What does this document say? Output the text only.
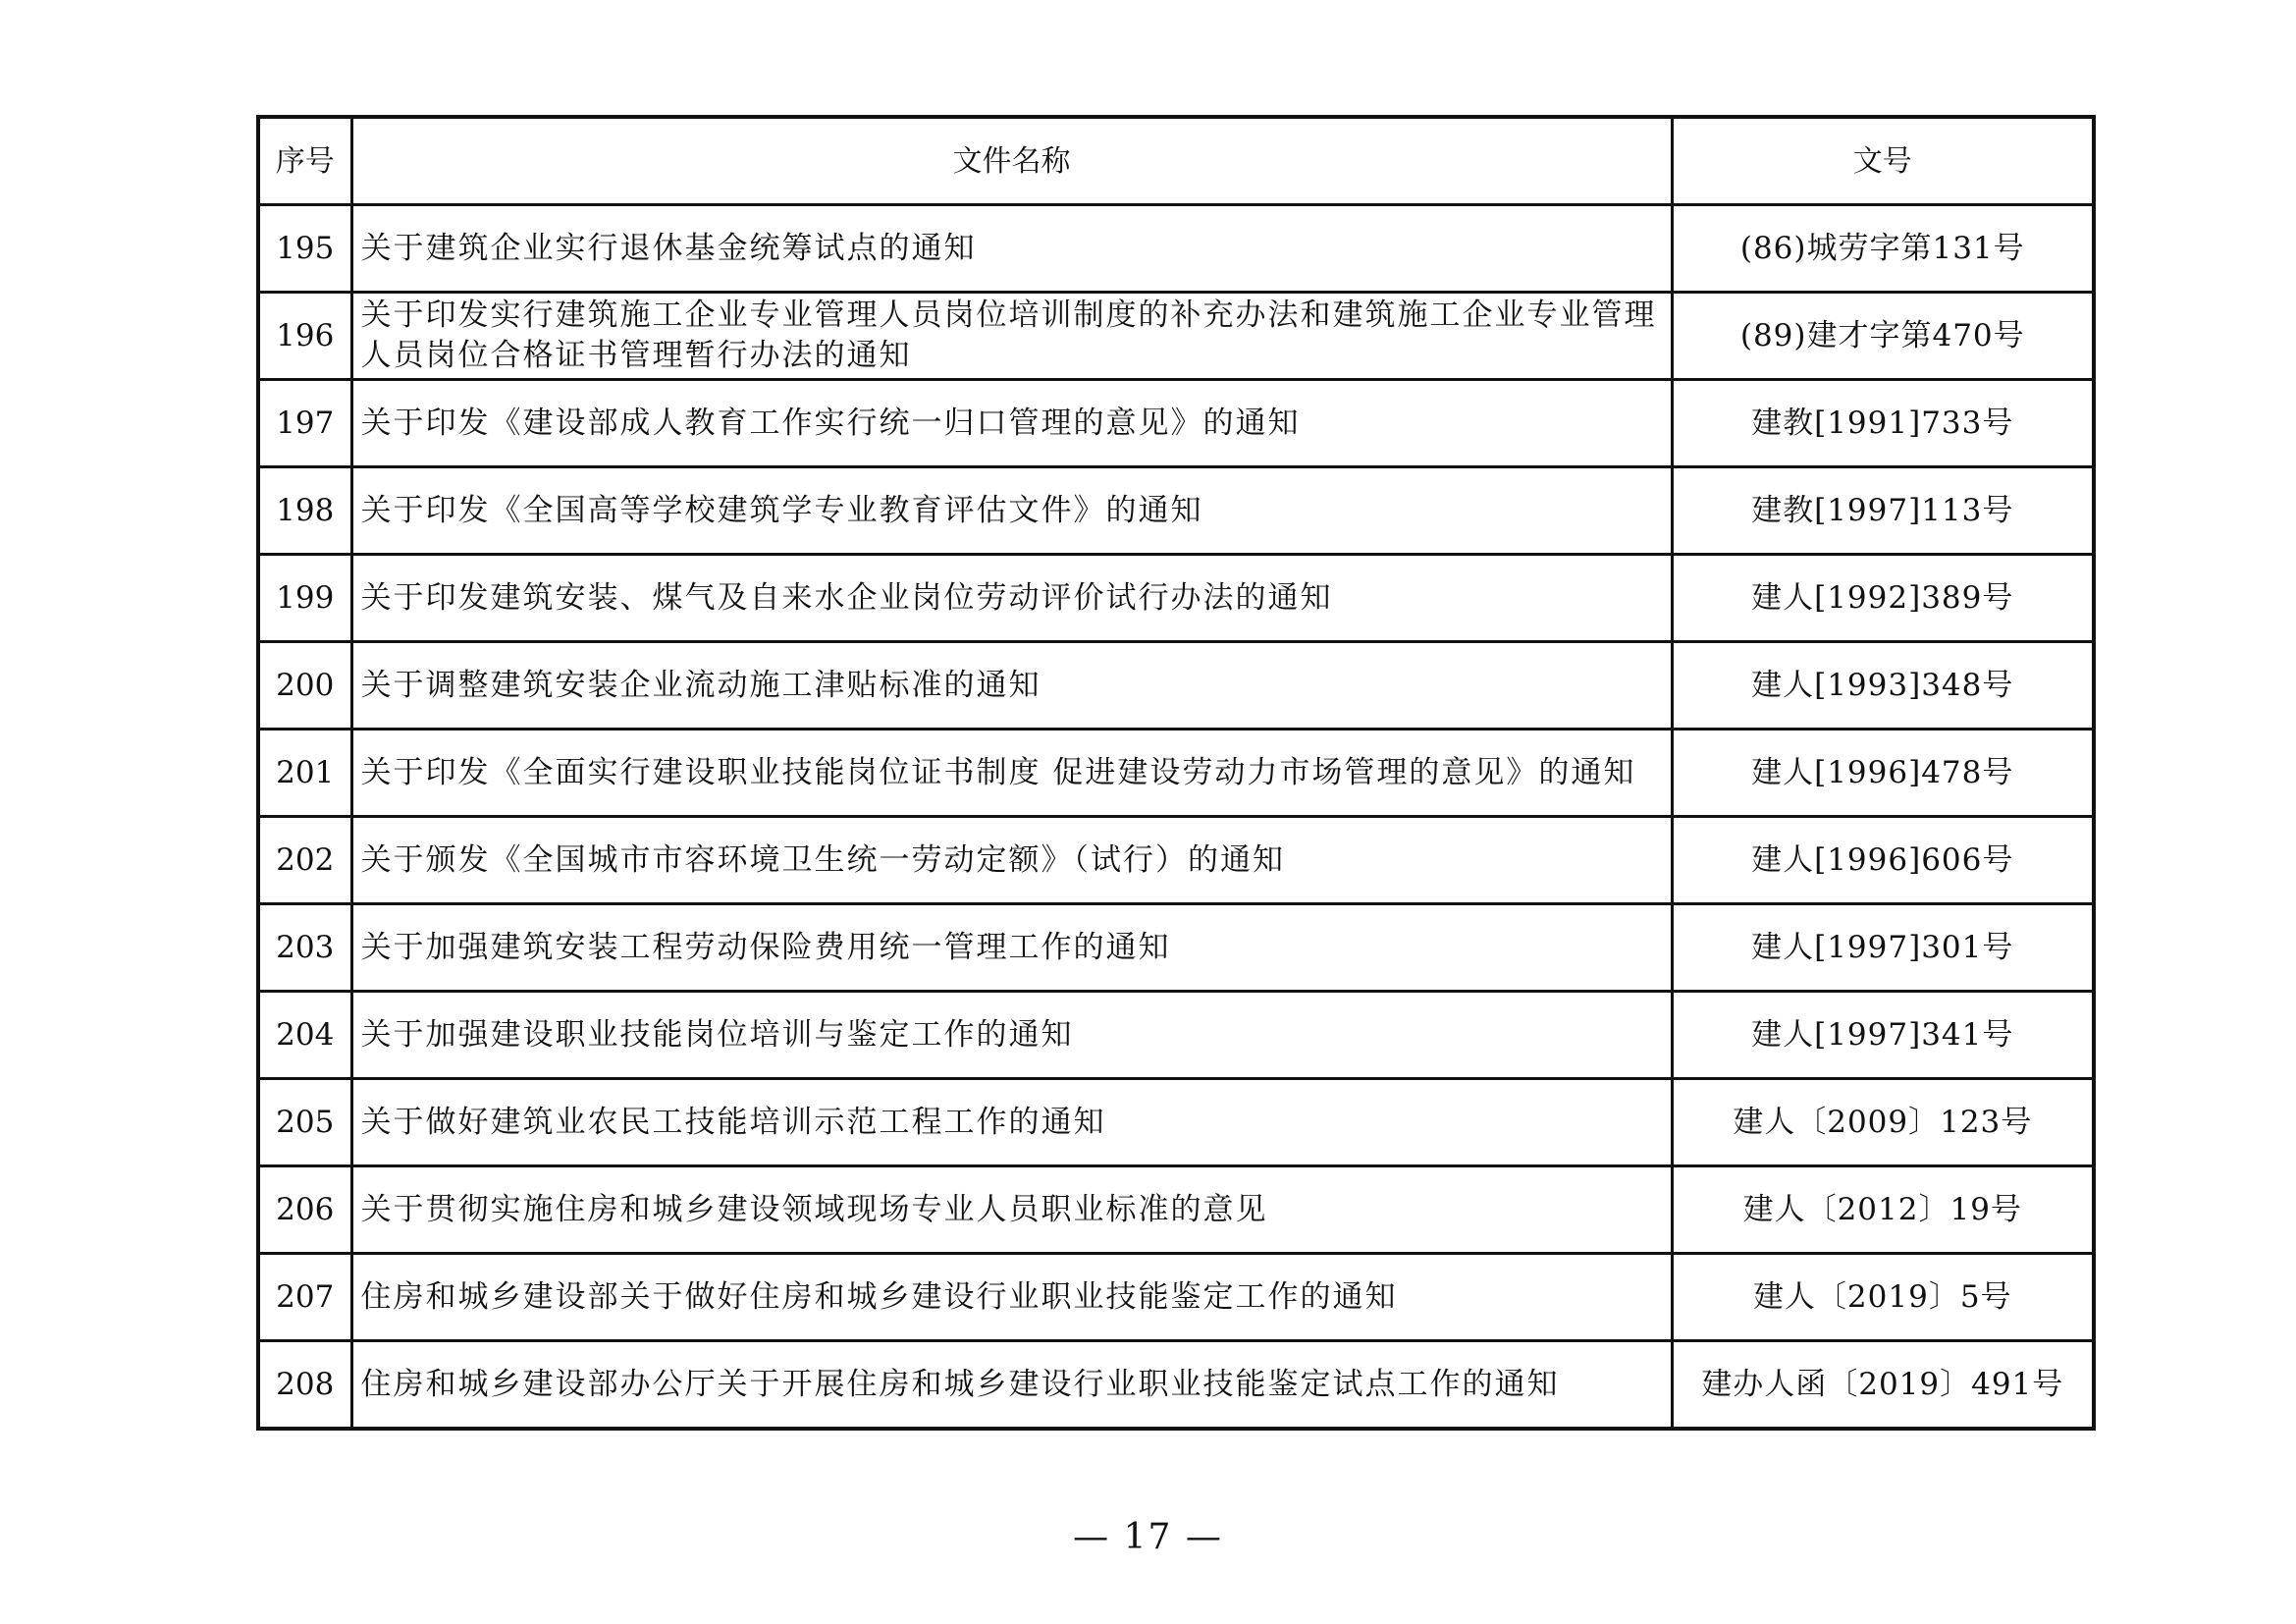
序号	文件名称	文号
195	关于建筑企业实行退休基金统筹试点的通知	(86)城劳字第131号
196	关于印发实行建筑施工企业专业管理人员岗位培训制度的补充办法和建筑施工企业专业管理人员岗位合格证书管理暂行办法的通知	(89)建才字第470号
197	关于印发《建设部成人教育工作实行统一归口管理的意见》的通知	建教[1991]733号
198	关于印发《全国高等学校建筑学专业教育评估文件》的通知	建教[1997]113号
199	关于印发建筑安装、煤气及自来水企业岗位劳动评价试行办法的通知	建人[1992]389号
200	关于调整建筑安装企业流动施工津贴标准的通知	建人[1993]348号
201	关于印发《全面实行建设职业技能岗位证书制度 促进建设劳动力市场管理的意见》的通知	建人[1996]478号
202	关于颁发《全国城市市容环境卫生统一劳动定额》（试行）的通知	建人[1996]606号
203	关于加强建筑安装工程劳动保险费用统一管理工作的通知	建人[1997]301号
204	关于加强建设职业技能岗位培训与鉴定工作的通知	建人[1997]341号
205	关于做好建筑业农民工技能培训示范工程工作的通知	建人〔2009〕123号
206	关于贯彻实施住房和城乡建设领域现场专业人员职业标准的意见	建人〔2012〕19号
207	住房和城乡建设部关于做好住房和城乡建设行业职业技能鉴定工作的通知	建人〔2019〕5号
208	住房和城乡建设部办公厅关于开展住房和城乡建设行业职业技能鉴定试点工作的通知	建办人函〔2019〕491号
— 17 —
